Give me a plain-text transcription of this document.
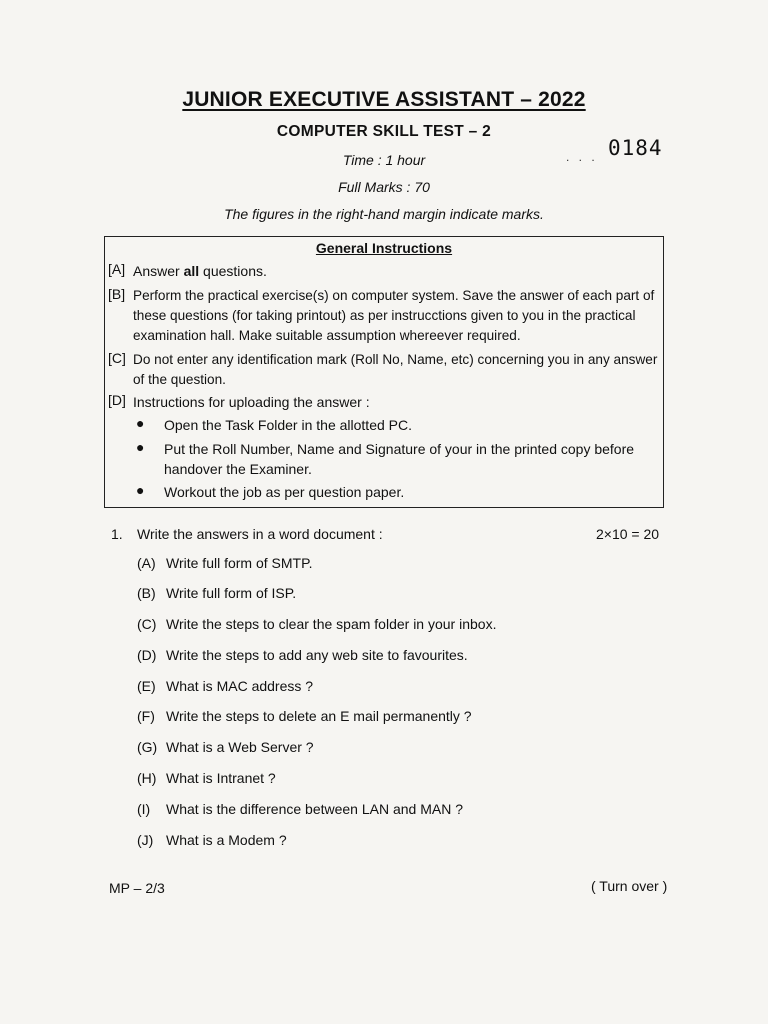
JUNIOR EXECUTIVE ASSISTANT – 2022
COMPUTER SKILL TEST – 2
0184
. . .
Time : 1 hour
Full Marks : 70
The figures in the right-hand margin indicate marks.
General Instructions
[A] Answer all questions.
[B] Perform the practical exercise(s) on computer system. Save the answer of each part of these questions (for taking printout) as per instrucctions given to you in the practical examination hall. Make suitable assumption whereever required.
[C] Do not enter any identification mark (Roll No, Name, etc) concerning you in any answer of the question.
[D] Instructions for uploading the answer :
● Open the Task Folder in the allotted PC.
● Put the Roll Number, Name and Signature of your in the printed copy before handover the Examiner.
● Workout the job as per question paper.
1. Write the answers in a word document :	2×10 = 20
(A) Write full form of SMTP.
(B) Write full form of ISP.
(C) Write the steps to clear the spam folder in your inbox.
(D) Write the steps to add any web site to favourites.
(E) What is MAC address ?
(F) Write the steps to delete an E mail permanently ?
(G) What is a Web Server ?
(H) What is Intranet ?
(I) What is the difference between LAN and MAN ?
(J) What is a Modem ?
MP – 2/3	( Turn over )
